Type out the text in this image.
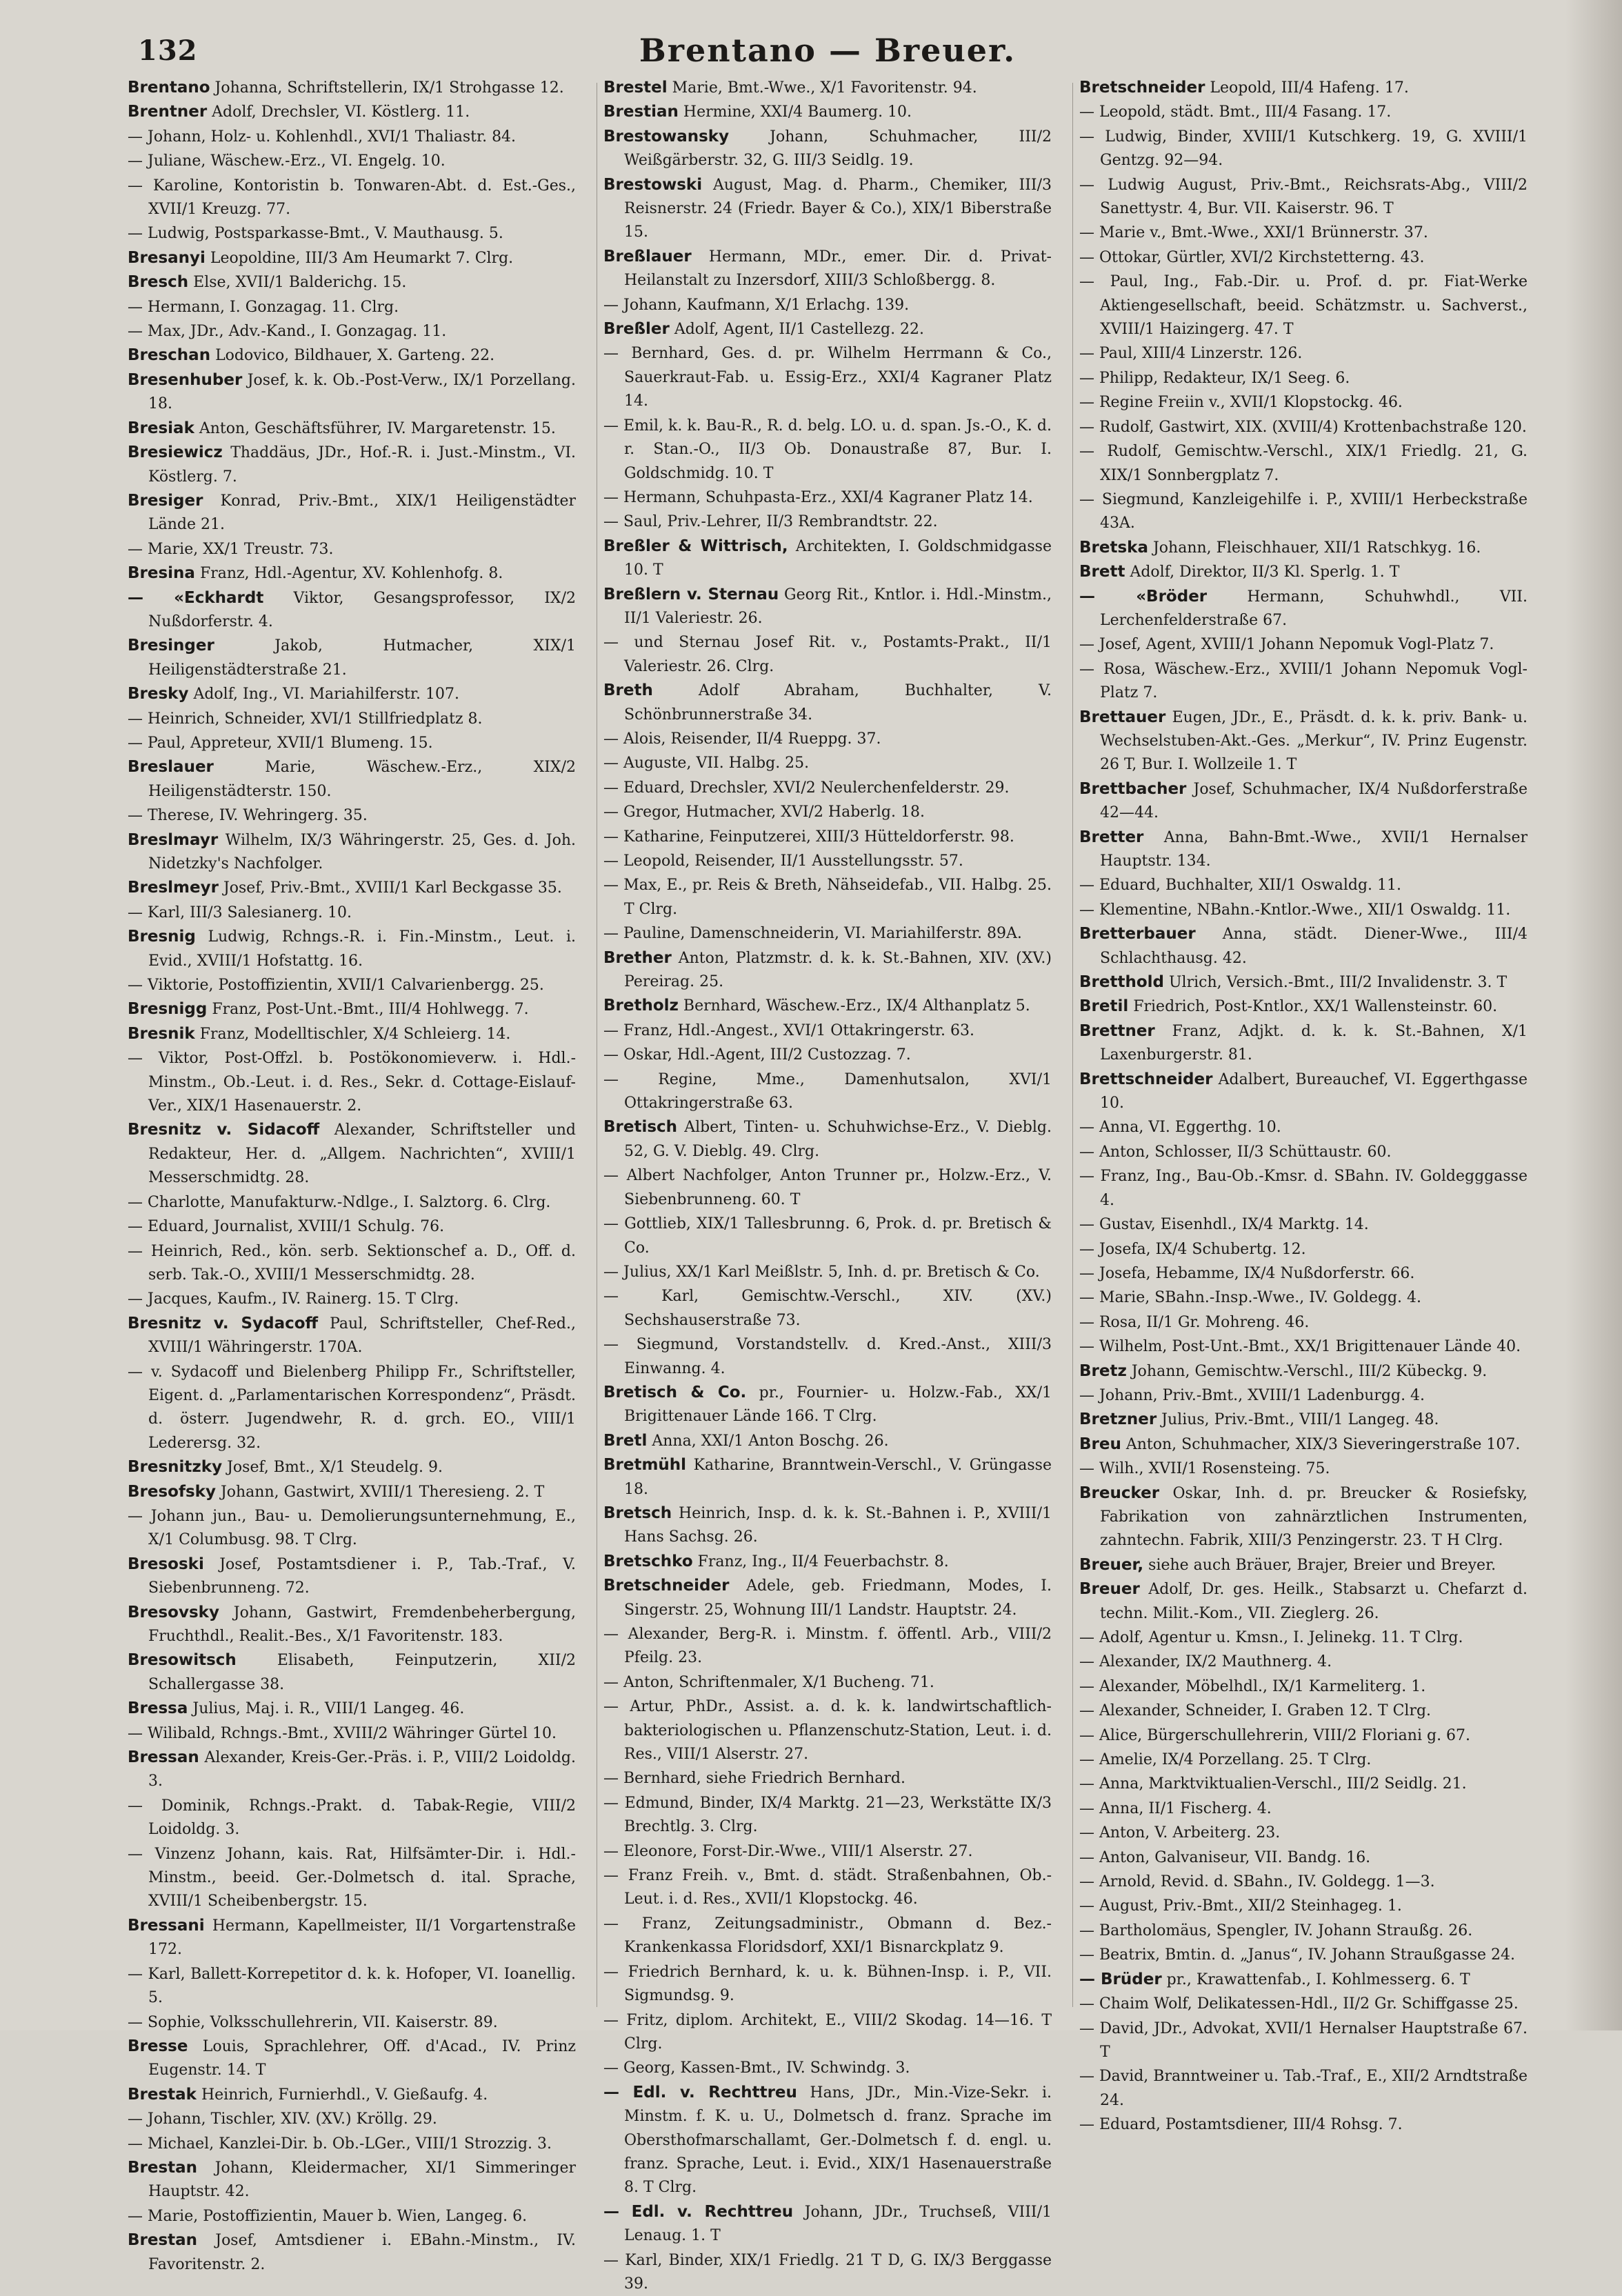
132	Brentano — Breuer.

Brentano Johanna, Schriftstellerin, IX/1 Strohgasse 12.

Brentner Adolf, Drechsler, VI. Köstlerg. 11.

— Johann, Holz- u. Kohlenhdl., XVI/1 Thaliastr. 84.

— Juliane, Wäschew.-Erz., VI. Engelg. 10.

— Karoline, Kontoristin b. Tonwaren-Abt. d. Est.-Ges., XVII/1 Kreuzg. 77.

— Ludwig, Postsparkasse-Bmt., V. Mauthausg. 5.

Bresanyi Leopoldine, III/3 Am Heumarkt 7. Clrg.

Bresch Else, XVII/1 Balderichg. 15.

— Hermann, I. Gonzagag. 11. Clrg.

— Max, JDr., Adv.-Kand., I. Gonzagag. 11.

Breschan Lodovico, Bildhauer, X. Garteng. 22.

Bresenhuber Josef, k. k. Ob.-Post-Verw., IX/1 Porzellang. 18.

Bresiak Anton, Geschäftsführer, IV. Margaretenstr. 15.

Bresiewicz Thaddäus, JDr., Hof.-R. i. Just.-Minstm., VI. Köstlerg. 7.

Bresiger Konrad, Priv.-Bmt., XIX/1 Heiligenstädter Lände 21.

— Marie, XX/1 Treustr. 73.

Bresina Franz, Hdl.-Agentur, XV. Kohlenhofg. 8.

— «Eckhardt Viktor, Gesangsprofessor, IX/2 Nußdorferstr. 4.

Bresinger Jakob, Hutmacher, XIX/1 Heiligenstädterstraße 21.

Bresky Adolf, Ing., VI. Mariahilferstr. 107.

— Heinrich, Schneider, XVI/1 Stillfriedplatz 8.

— Paul, Appreteur, XVII/1 Blumeng. 15.

Breslauer Marie, Wäschew.-Erz., XIX/2 Heiligenstädterstr. 150.

— Therese, IV. Wehringerg. 35.

Breslmayr Wilhelm, IX/3 Währingerstr. 25, Ges. d. Joh. Nidetzky's Nachfolger.

Breslmeyr Josef, Priv.-Bmt., XVIII/1 Karl Beckgasse 35.

— Karl, III/3 Salesianerg. 10.

Bresnig Ludwig, Rchngs.-R. i. Fin.-Minstm., Leut. i. Evid., XVIII/1 Hofstattg. 16.

— Viktorie, Postoffizientin, XVII/1 Calvarienbergg. 25.

Bresnigg Franz, Post-Unt.-Bmt., III/4 Hohlwegg. 7.

Bresnik Franz, Modelltischler, X/4 Schleierg. 14.

— Viktor, Post-Offzl. b. Postökonomieverw. i. Hdl.-Minstm., Ob.-Leut. i. d. Res., Sekr. d. Cottage-Eislauf-Ver., XIX/1 Hasenauerstr. 2.

Bresnitz v. Sidacoff Alexander, Schriftsteller und Redakteur, Her. d. „Allgem. Nachrichten“, XVIII/1 Messerschmidtg. 28.

— Charlotte, Manufakturw.-Ndlge., I. Salztorg. 6. Clrg.

— Eduard, Journalist, XVIII/1 Schulg. 76.

— Heinrich, Red., kön. serb. Sektionschef a. D., Off. d. serb. Tak.-O., XVIII/1 Messerschmidtg. 28.

— Jacques, Kaufm., IV. Rainerg. 15. T Clrg.

Bresnitz v. Sydacoff Paul, Schriftsteller, Chef-Red., XVIII/1 Währingerstr. 170A.

— v. Sydacoff und Bielenberg Philipp Fr., Schriftsteller, Eigent. d. „Parlamentarischen Korrespondenz“, Präsdt. d. österr. Jugendwehr, R. d. grch. EO., VIII/1 Lederersg. 32.

Bresnitzky Josef, Bmt., X/1 Steudelg. 9.

Bresofsky Johann, Gastwirt, XVIII/1 Theresieng. 2. T

— Johann jun., Bau- u. Demolierungsunternehmung, E., X/1 Columbusg. 98. T Clrg.

Bresoski Josef, Postamtsdiener i. P., Tab.-Traf., V. Siebenbrunneng. 72.

Bresovsky Johann, Gastwirt, Fremdenbeherbergung, Fruchthdl., Realit.-Bes., X/1 Favoritenstr. 183.

Bresowitsch Elisabeth, Feinputzerin, XII/2 Schallergasse 38.

Bressa Julius, Maj. i. R., VIII/1 Langeg. 46.

— Wilibald, Rchngs.-Bmt., XVIII/2 Währinger Gürtel 10.

Bressan Alexander, Kreis-Ger.-Präs. i. P., VIII/2 Loidoldg. 3.

— Dominik, Rchngs.-Prakt. d. Tabak-Regie, VIII/2 Loidoldg. 3.

— Vinzenz Johann, kais. Rat, Hilfsämter-Dir. i. Hdl.-Minstm., beeid. Ger.-Dolmetsch d. ital. Sprache, XVIII/1 Scheibenbergstr. 15.

Bressani Hermann, Kapellmeister, II/1 Vorgartenstraße 172.

— Karl, Ballett-Korrepetitor d. k. k. Hofoper, VI. Ioanellig. 5.

— Sophie, Volksschullehrerin, VII. Kaiserstr. 89.

Bresse Louis, Sprachlehrer, Off. d'Acad., IV. Prinz Eugenstr. 14. T

Brestak Heinrich, Furnierhdl., V. Gießaufg. 4.

— Johann, Tischler, XIV. (XV.) Kröllg. 29.

— Michael, Kanzlei-Dir. b. Ob.-LGer., VIII/1 Strozzig. 3.

Brestan Johann, Kleidermacher, XI/1 Simmeringer Hauptstr. 42.

— Marie, Postoffizientin, Mauer b. Wien, Langeg. 6.

Brestan Josef, Amtsdiener i. EBahn.-Minstm., IV. Favoritenstr. 2.

Brestel Marie, Bmt.-Wwe., X/1 Favoritenstr. 94.

Brestian Hermine, XXI/4 Baumerg. 10.

Brestowansky Johann, Schuhmacher, III/2 Weißgärberstr. 32, G. III/3 Seidlg. 19.

Brestowski August, Mag. d. Pharm., Chemiker, III/3 Reisnerstr. 24 (Friedr. Bayer & Co.), XIX/1 Biberstraße 15.

Breßlauer Hermann, MDr., emer. Dir. d. Privat-Heilanstalt zu Inzersdorf, XIII/3 Schloßbergg. 8.

— Johann, Kaufmann, X/1 Erlachg. 139.

Breßler Adolf, Agent, II/1 Castellezg. 22.

— Bernhard, Ges. d. pr. Wilhelm Herrmann & Co., Sauerkraut-Fab. u. Essig-Erz., XXI/4 Kagraner Platz 14.

— Emil, k. k. Bau-R., R. d. belg. LO. u. d. span. Js.-O., K. d. r. Stan.-O., II/3 Ob. Donaustraße 87, Bur. I. Goldschmidg. 10. T

— Hermann, Schuhpasta-Erz., XXI/4 Kagraner Platz 14.

— Saul, Priv.-Lehrer, II/3 Rembrandtstr. 22.

Breßler & Wittrisch, Architekten, I. Goldschmidgasse 10. T

Breßlern v. Sternau Georg Rit., Kntlor. i. Hdl.-Minstm., II/1 Valeriestr. 26.

— und Sternau Josef Rit. v., Postamts-Prakt., II/1 Valeriestr. 26. Clrg.

Breth Adolf Abraham, Buchhalter, V. Schönbrunnerstraße 34.

— Alois, Reisender, II/4 Rueppg. 37.

— Auguste, VII. Halbg. 25.

— Eduard, Drechsler, XVI/2 Neulerchenfelderstr. 29.

— Gregor, Hutmacher, XVI/2 Haberlg. 18.

— Katharine, Feinputzerei, XIII/3 Hütteldorferstr. 98.

— Leopold, Reisender, II/1 Ausstellungsstr. 57.

— Max, E., pr. Reis & Breth, Nähseidefab., VII. Halbg. 25. T Clrg.

— Pauline, Damenschneiderin, VI. Mariahilferstr. 89A.

Brether Anton, Platzmstr. d. k. k. St.-Bahnen, XIV. (XV.) Pereirag. 25.

Bretholz Bernhard, Wäschew.-Erz., IX/4 Althanplatz 5.

— Franz, Hdl.-Angest., XVI/1 Ottakringerstr. 63.

— Oskar, Hdl.-Agent, III/2 Custozzag. 7.

— Regine, Mme., Damenhutsalon, XVI/1 Ottakringerstraße 63.

Bretisch Albert, Tinten- u. Schuhwichse-Erz., V. Dieblg. 52, G. V. Dieblg. 49. Clrg.

— Albert Nachfolger, Anton Trunner pr., Holzw.-Erz., V. Siebenbrunneng. 60. T

— Gottlieb, XIX/1 Tallesbrunng. 6, Prok. d. pr. Bretisch & Co.

— Julius, XX/1 Karl Meißlstr. 5, Inh. d. pr. Bretisch & Co.

— Karl, Gemischtw.-Verschl., XIV. (XV.) Sechshauserstraße 73.

— Siegmund, Vorstandstellv. d. Kred.-Anst., XIII/3 Einwanng. 4.

Bretisch & Co. pr., Fournier- u. Holzw.-Fab., XX/1 Brigittenauer Lände 166. T Clrg.

Bretl Anna, XXI/1 Anton Boschg. 26.

Bretmühl Katharine, Branntwein-Verschl., V. Grüngasse 18.

Bretsch Heinrich, Insp. d. k. k. St.-Bahnen i. P., XVIII/1 Hans Sachsg. 26.

Bretschko Franz, Ing., II/4 Feuerbachstr. 8.

Bretschneider Adele, geb. Friedmann, Modes, I. Singerstr. 25, Wohnung III/1 Landstr. Hauptstr. 24.

— Alexander, Berg-R. i. Minstm. f. öffentl. Arb., VIII/2 Pfeilg. 23.

— Anton, Schriftenmaler, X/1 Bucheng. 71.

— Artur, PhDr., Assist. a. d. k. k. landwirtschaftlich-bakteriologischen u. Pflanzenschutz-Station, Leut. i. d. Res., VIII/1 Alserstr. 27.

— Bernhard, siehe Friedrich Bernhard.

— Edmund, Binder, IX/4 Marktg. 21—23, Werkstätte IX/3 Brechtlg. 3. Clrg.

— Eleonore, Forst-Dir.-Wwe., VIII/1 Alserstr. 27.

— Franz Freih. v., Bmt. d. städt. Straßenbahnen, Ob.-Leut. i. d. Res., XVII/1 Klopstockg. 46.

— Franz, Zeitungsadministr., Obmann d. Bez.-Krankenkassa Floridsdorf, XXI/1 Bisnarckplatz 9.

— Friedrich Bernhard, k. u. k. Bühnen-Insp. i. P., VII. Sigmundsg. 9.

— Fritz, diplom. Architekt, E., VIII/2 Skodag. 14—16. T Clrg.

— Georg, Kassen-Bmt., IV. Schwindg. 3.

— Edl. v. Rechttreu Hans, JDr., Min.-Vize-Sekr. i. Minstm. f. K. u. U., Dolmetsch d. franz. Sprache im Obersthofmarschallamt, Ger.-Dolmetsch f. d. engl. u. franz. Sprache, Leut. i. Evid., XIX/1 Hasenauerstraße 8. T Clrg.

— Edl. v. Rechttreu Johann, JDr., Truchseß, VIII/1 Lenaug. 1. T

— Karl, Binder, XIX/1 Friedlg. 21 T D, G. IX/3 Berggasse 39.

Bretschneider Leopold, III/4 Hafeng. 17.

— Leopold, städt. Bmt., III/4 Fasang. 17.

— Ludwig, Binder, XVIII/1 Kutschkerg. 19, G. XVIII/1 Gentzg. 92—94.

— Ludwig August, Priv.-Bmt., Reichsrats-Abg., VIII/2 Sanettystr. 4, Bur. VII. Kaiserstr. 96. T

— Marie v., Bmt.-Wwe., XXI/1 Brünnerstr. 37.

— Ottokar, Gürtler, XVI/2 Kirchstetterng. 43.

— Paul, Ing., Fab.-Dir. u. Prof. d. pr. Fiat-Werke Aktiengesellschaft, beeid. Schätzmstr. u. Sachverst., XVIII/1 Haizingerg. 47. T

— Paul, XIII/4 Linzerstr. 126.

— Philipp, Redakteur, IX/1 Seeg. 6.

— Regine Freiin v., XVII/1 Klopstockg. 46.

— Rudolf, Gastwirt, XIX. (XVIII/4) Krottenbachstraße 120.

— Rudolf, Gemischtw.-Verschl., XIX/1 Friedlg. 21, G. XIX/1 Sonnbergplatz 7.

— Siegmund, Kanzleigehilfe i. P., XVIII/1 Herbeckstraße 43A.

Bretska Johann, Fleischhauer, XII/1 Ratschkyg. 16.

Brett Adolf, Direktor, II/3 Kl. Sperlg. 1. T

— «Bröder Hermann, Schuhwhdl., VII. Lerchenfelderstraße 67.

— Josef, Agent, XVIII/1 Johann Nepomuk Vogl-Platz 7.

— Rosa, Wäschew.-Erz., XVIII/1 Johann Nepomuk Vogl-Platz 7.

Brettauer Eugen, JDr., E., Präsdt. d. k. k. priv. Bank- u. Wechselstuben-Akt.-Ges. „Merkur“, IV. Prinz Eugenstr. 26 T, Bur. I. Wollzeile 1. T

Brettbacher Josef, Schuhmacher, IX/4 Nußdorferstraße 42—44.

Bretter Anna, Bahn-Bmt.-Wwe., XVII/1 Hernalser Hauptstr. 134.

— Eduard, Buchhalter, XII/1 Oswaldg. 11.

— Klementine, NBahn.-Kntlor.-Wwe., XII/1 Oswaldg. 11.

Bretterbauer Anna, städt. Diener-Wwe., III/4 Schlachthausg. 42.

Bretthold Ulrich, Versich.-Bmt., III/2 Invalidenstr. 3. T

Bretil Friedrich, Post-Kntlor., XX/1 Wallensteinstr. 60.

Brettner Franz, Adjkt. d. k. k. St.-Bahnen, X/1 Laxenburgerstr. 81.

Brettschneider Adalbert, Bureauchef, VI. Eggerthgasse 10.

— Anna, VI. Eggerthg. 10.

— Anton, Schlosser, II/3 Schüttaustr. 60.

— Franz, Ing., Bau-Ob.-Kmsr. d. SBahn. IV. Goldegggasse 4.

— Gustav, Eisenhdl., IX/4 Marktg. 14.

— Josefa, IX/4 Schubertg. 12.

— Josefa, Hebamme, IX/4 Nußdorferstr. 66.

— Marie, SBahn.-Insp.-Wwe., IV. Goldegg. 4.

— Rosa, II/1 Gr. Mohreng. 46.

— Wilhelm, Post-Unt.-Bmt., XX/1 Brigittenauer Lände 40.

Bretz Johann, Gemischtw.-Verschl., III/2 Kübeckg. 9.

— Johann, Priv.-Bmt., XVIII/1 Ladenburgg. 4.

Bretzner Julius, Priv.-Bmt., VIII/1 Langeg. 48.

Breu Anton, Schuhmacher, XIX/3 Sieveringerstraße 107.

— Wilh., XVII/1 Rosensteing. 75.

Breucker Oskar, Inh. d. pr. Breucker & Rosiefsky, Fabrikation von zahnärztlichen Instrumenten, zahntechn. Fabrik, XIII/3 Penzingerstr. 23. T H Clrg.

Breuer, siehe auch Bräuer, Brajer, Breier und Breyer.

Breuer Adolf, Dr. ges. Heilk., Stabsarzt u. Chefarzt d. techn. Milit.-Kom., VII. Zieglerg. 26.

— Adolf, Agentur u. Kmsn., I. Jelinekg. 11. T Clrg.

— Alexander, IX/2 Mauthnerg. 4.

— Alexander, Möbelhdl., IX/1 Karmeliterg. 1.

— Alexander, Schneider, I. Graben 12. T Clrg.

— Alice, Bürgerschullehrerin, VIII/2 Floriani g. 67.

— Amelie, IX/4 Porzellang. 25. T Clrg.

— Anna, Marktviktualien-Verschl., III/2 Seidlg. 21.

— Anna, II/1 Fischerg. 4.

— Anton, V. Arbeiterg. 23.

— Anton, Galvaniseur, VII. Bandg. 16.

— Arnold, Revid. d. SBahn., IV. Goldegg. 1—3.

— August, Priv.-Bmt., XII/2 Steinhageg. 1.

— Bartholomäus, Spengler, IV. Johann Straußg. 26.

— Beatrix, Bmtin. d. „Janus“, IV. Johann Straußgasse 24.

— Brüder pr., Krawattenfab., I. Kohlmesserg. 6. T

— Chaim Wolf, Delikatessen-Hdl., II/2 Gr. Schiffgasse 25.

— David, JDr., Advokat, XVII/1 Hernalser Hauptstraße 67. T

— David, Branntweiner u. Tab.-Traf., E., XII/2 Arndtstraße 24.

— Eduard, Postamtsdiener, III/4 Rohsg. 7.
